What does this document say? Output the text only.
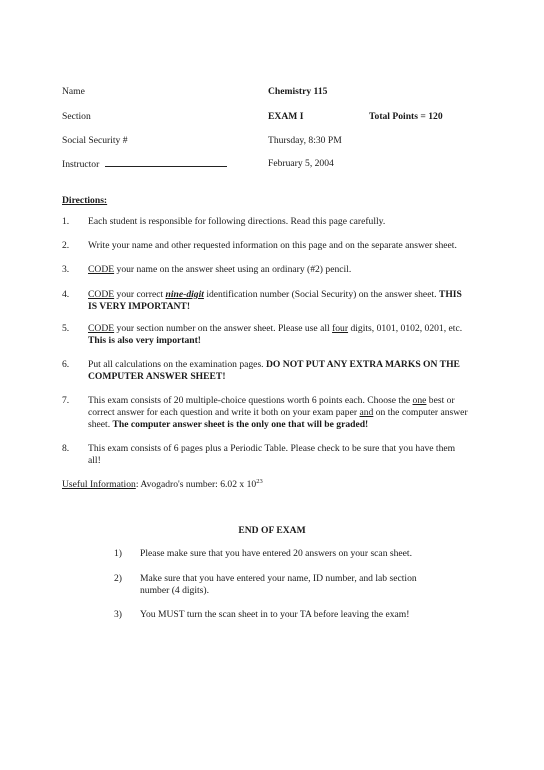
Name
Section
Social Security #
Instructor
Chemistry 115
EXAM I	Total Points = 120
Thursday, 8:30 PM
February 5, 2004
Directions:
1. Each student is responsible for following directions. Read this page carefully.
2. Write your name and other requested information on this page and on the separate answer sheet.
3. CODE your name on the answer sheet using an ordinary (#2) pencil.
4. CODE your correct nine-digit identification number (Social Security) on the answer sheet. THIS IS VERY IMPORTANT!
5. CODE your section number on the answer sheet. Please use all four digits, 0101, 0102, 0201, etc. This is also very important!
6. Put all calculations on the examination pages. DO NOT PUT ANY EXTRA MARKS ON THE COMPUTER ANSWER SHEET!
7. This exam consists of 20 multiple-choice questions worth 6 points each. Choose the one best or correct answer for each question and write it both on your exam paper and on the computer answer sheet. The computer answer sheet is the only one that will be graded!
8. This exam consists of 6 pages plus a Periodic Table. Please check to be sure that you have them all!
Useful Information: Avogadro's number: 6.02 x $10^{23}$
END OF EXAM
1) Please make sure that you have entered 20 answers on your scan sheet.
2) Make sure that you have entered your name, ID number, and lab section number (4 digits).
3) You MUST turn the scan sheet in to your TA before leaving the exam!
